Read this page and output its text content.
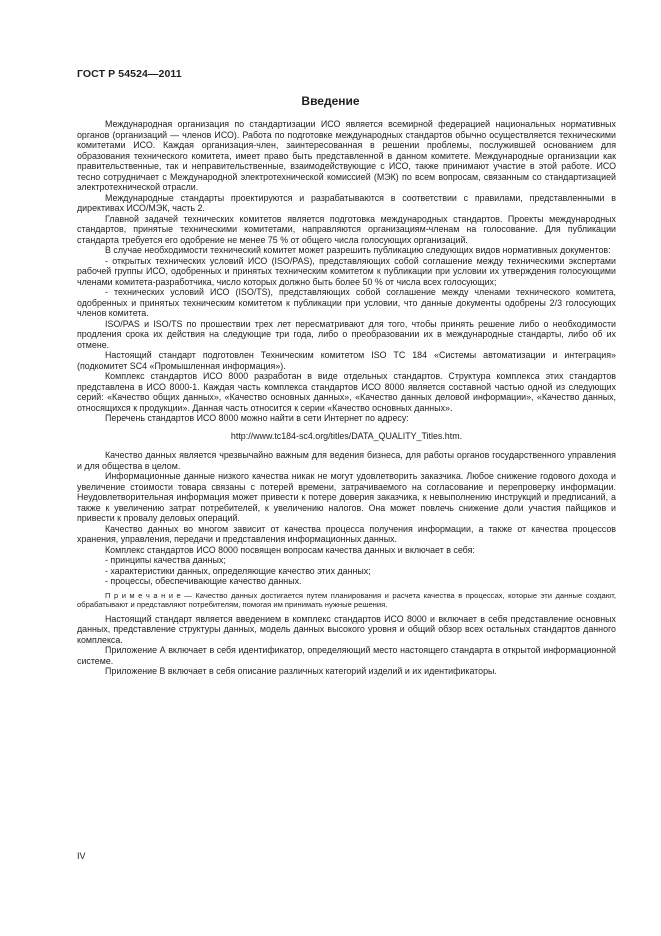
ГОСТ Р 54524—2011
Введение

Международная организация по стандартизации ИСО является всемирной федерацией национальных нормативных органов (организаций — членов ИСО). Работа по подготовке международных стандартов обычно осуществляется техническими комитетами ИСО. Каждая организация-член, заинтересованная в решении проблемы, послужившей основанием для образования технического комитета, имеет право быть представленной в данном комитете. Международные организации как правительственные, так и неправительственные, взаимодействующие с ИСО, также принимают участие в этой работе. ИСО тесно сотрудничает с Международной электротехнической комиссией (МЭК) по всем вопросам, связанным со стандартизацией электротехнической отрасли.

Международные стандарты проектируются и разрабатываются в соответствии с правилами, представленными в директивах ИСО/МЭК, часть 2.

Главной задачей технических комитетов является подготовка международных стандартов. Проекты международных стандартов, принятые техническими комитетами, направляются организациям-членам на голосование. Для публикации стандарта требуется его одобрение не менее 75 % от общего числа голосующих организаций.

В случае необходимости технический комитет может разрешить публикацию следующих видов нормативных документов:

- открытых технических условий ИСО (ISO/PAS), представляющих собой соглашение между техническими экспертами рабочей группы ИСО, одобренных и принятых техническим комитетом к публикации при условии их утверждения голосующими членами комитета-разработчика, число которых должно быть более 50 % от числа всех голосующих;

- технических условий ИСО (ISO/TS), представляющих собой соглашение между членами технического комитета, одобренных и принятых техническим комитетом к публикации при условии, что данные документы одобрены 2/3 голосующих членов комитета.

ISO/PAS и ISO/TS по прошествии трех лет пересматривают для того, чтобы принять решение либо о необходимости продления срока их действия на следующие три года, либо о преобразовании их в международные стандарты, либо об их отмене.

Настоящий стандарт подготовлен Техническим комитетом ISO TC 184 «Системы автоматизации и интеграция» (подкомитет SC4 «Промышленная информация»).

Комплекс стандартов ИСО 8000 разработан в виде отдельных стандартов. Структура комплекса этих стандартов представлена в ИСО 8000-1. Каждая часть комплекса стандартов ИСО 8000 является составной частью одной из следующих серий: «Качество общих данных», «Качество основных данных», «Качество данных деловой информации», «Качество данных, относящихся к продукции». Данная часть относится к серии «Качество основных данных».

Перечень стандартов ИСО 8000 можно найти в сети Интернет по адресу:

http://www.tc184-sc4.org/titles/DATA_QUALITY_Titles.htm.

Качество данных является чрезвычайно важным для ведения бизнеса, для работы органов государственного управления и для общества в целом.

Информационные данные низкого качества никак не могут удовлетворить заказчика. Любое снижение годового дохода и увеличение стоимости товара связаны с потерей времени, затрачиваемого на согласование и перепроверку информации. Неудовлетворительная информация может привести к потере доверия заказчика, к невыполнению инструкций и предписаний, а также к увеличению затрат потребителей, к увеличению налогов. Она может повлечь снижение доли участия пайщиков и привести к провалу деловых операций.

Качество данных во многом зависит от качества процесса получения информации, а также от качества процессов хранения, управления, передачи и представления информационных данных.

Комплекс стандартов ИСО 8000 посвящен вопросам качества данных и включает в себя:

- принципы качества данных;

- характеристики данных, определяющие качество этих данных;

- процессы, обеспечивающие качество данных.

П р и м е ч а н и е — Качество данных достигается путем планирования и расчета качества в процессах, которые эти данные создают, обрабатывают и представляют потребителям, помогая им принимать нужные решения.

Настоящий стандарт является введением в комплекс стандартов ИСО 8000 и включает в себя представление основных данных, представление структуры данных, модель данных высокого уровня и общий обзор всех остальных стандартов данного комплекса.

Приложение А включает в себя идентификатор, определяющий место настоящего стандарта в открытой информационной системе.

Приложение В включает в себя описание различных категорий изделий и их идентификаторы.

IV
